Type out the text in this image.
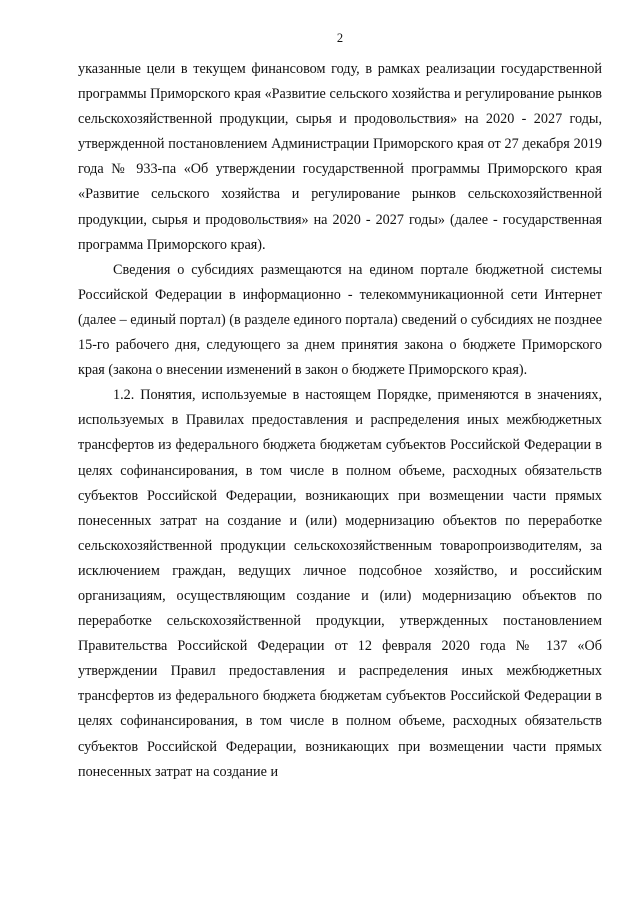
2

указанные цели в текущем финансовом году, в рамках реализации государственной программы Приморского края «Развитие сельского хозяйства и регулирование рынков сельскохозяйственной продукции, сырья и продовольствия» на 2020 - 2027 годы, утвержденной постановлением Администрации Приморского края от 27 декабря 2019 года № 933-па «Об утверждении государственной программы Приморского края «Развитие сельского хозяйства и регулирование рынков сельскохозяйственной продукции, сырья и продовольствия» на 2020 - 2027 годы» (далее - государственная программа Приморского края).

Сведения о субсидиях размещаются на едином портале бюджетной системы Российской Федерации в информационно - телекоммуникационной сети Интернет (далее – единый портал) (в разделе единого портала) сведений о субсидиях не позднее 15-го рабочего дня, следующего за днем принятия закона о бюджете Приморского края (закона о внесении изменений в закон о бюджете Приморского края).

1.2. Понятия, используемые в настоящем Порядке, применяются в значениях, используемых в Правилах предоставления и распределения иных межбюджетных трансфертов из федерального бюджета бюджетам субъектов Российской Федерации в целях софинансирования, в том числе в полном объеме, расходных обязательств субъектов Российской Федерации, возникающих при возмещении части прямых понесенных затрат на создание и (или) модернизацию объектов по переработке сельскохозяйственной продукции сельскохозяйственным товаропроизводителям, за исключением граждан, ведущих личное подсобное хозяйство, и российским организациям, осуществляющим создание и (или) модернизацию объектов по переработке сельскохозяйственной продукции, утвержденных постановлением Правительства Российской Федерации от 12 февраля 2020 года № 137 «Об утверждении Правил предоставления и распределения иных межбюджетных трансфертов из федерального бюджета бюджетам субъектов Российской Федерации в целях софинансирования, в том числе в полном объеме, расходных обязательств субъектов Российской Федерации, возникающих при возмещении части прямых понесенных затрат на создание и
